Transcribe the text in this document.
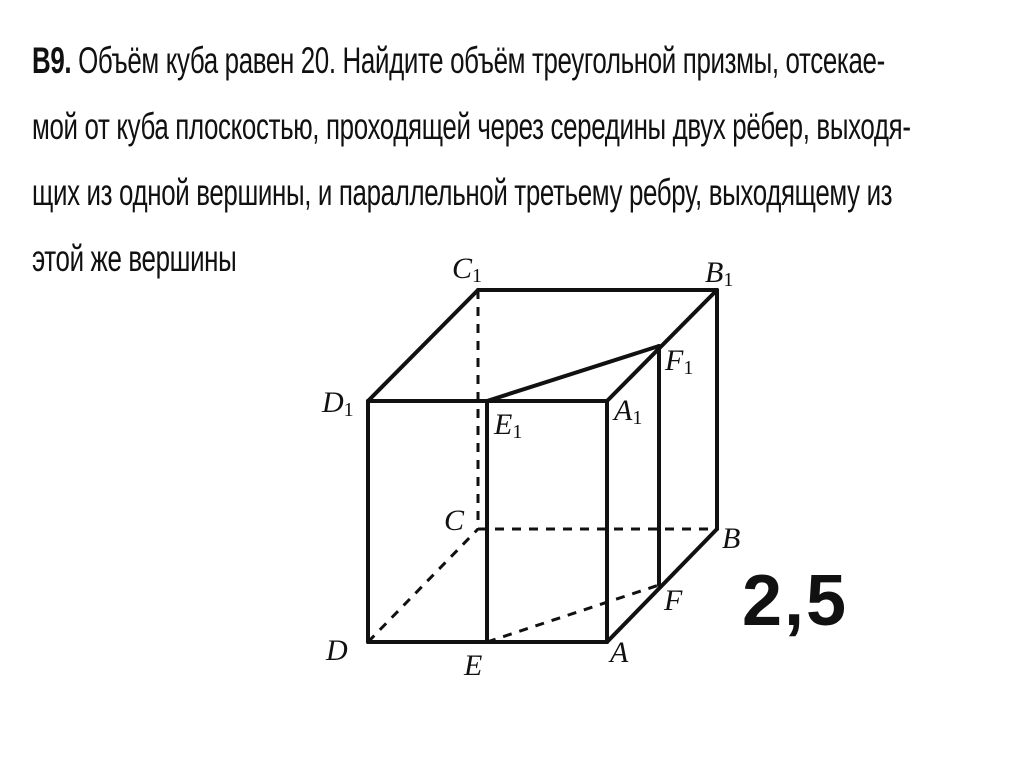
B9. Объём куба равен 20. Найдите объём треугольной призмы, отсекае-
мой от куба плоскостью, проходящей через середины двух рёбер, выходя-
щих из одной вершины, и параллельной третьему ребру, выходящему из
этой же вершины	C1	B1
F1
D1	E1
A1
C
B
F
D	E	A
2,5
